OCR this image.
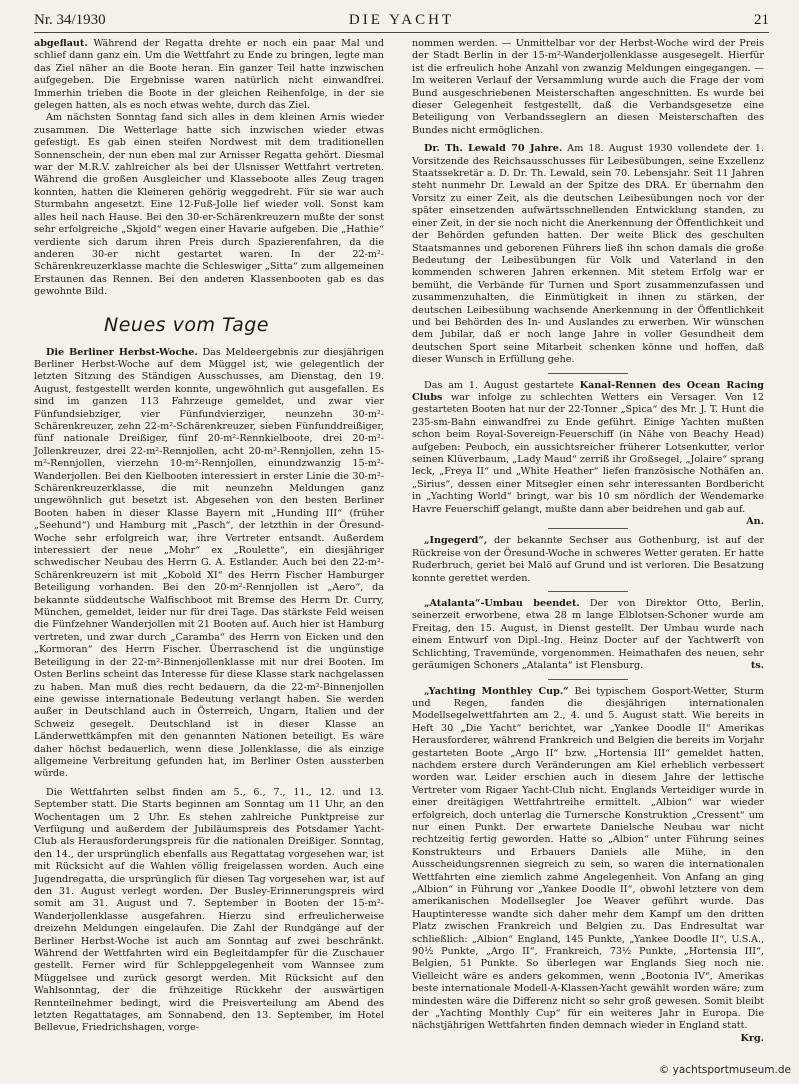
Nr. 34/1930	DIE YACHT	21

abgeflaut. Während der Regatta drehte er noch ein paar Mal und schlief dann ganz ein. Um die Wettfahrt zu Ende zu bringen, legte man das Ziel näher an die Boote heran. Ein ganzer Teil hatte inzwischen aufgegeben. Die Ergebnisse waren natürlich nicht einwandfrei. Immerhin trieben die Boote in der gleichen Reihenfolge, in der sie gelegen hatten, als es noch etwas wehte, durch das Ziel.

Am nächsten Sonntag fand sich alles in dem kleinen Arnis wieder zusammen. Die Wetterlage hatte sich inzwischen wieder etwas gefestigt. Es gab einen steifen Nordwest mit dem traditionellen Sonnenschein, der nun eben mal zur Arnisser Regatta gehört. Diesmal war der M.R.V. zahlreicher als bei der Ulsnisser Wettfahrt vertreten. Während die großen Ausgleicher und Klasseboote alles Zeug tragen konnten, hatten die Kleineren gehörig weggedreht. Für sie war auch Sturmbahn angesetzt. Eine 12-Fuß-Jolle lief wieder voll. Sonst kam alles heil nach Hause. Bei den 30-er-Schärenkreuzern mußte der sonst sehr erfolgreiche „Skjold“ wegen einer Havarie aufgeben. Die „Hathie“ verdiente sich darum ihren Preis durch Spazierenfahren, da die anderen 30-er nicht gestartet waren. In der 22-m²-Schärenkreuzerklasse machte die Schleswiger „Sitta“ zum allgemeinen Erstaunen das Rennen. Bei den anderen Klassenbooten gab es das gewohnte Bild.

Neues vom Tage

Die Berliner Herbst-Woche. Das Meldeergebnis zur diesjährigen Berliner Herbst-Woche auf dem Müggel ist, wie gelegentlich der letzten Sitzung des Ständigen Ausschusses, am Dienstag, den 19. August, festgestellt werden konnte, ungewöhnlich gut ausgefallen. Es sind im ganzen 113 Fahrzeuge gemeldet, und zwar vier Fünfundsiebziger, vier Fünfundvierziger, neunzehn 30-m²-Schärenkreuzer, zehn 22-m²-Schärenkreuzer, sieben Fünfunddreißiger, fünf nationale Dreißiger, fünf 20-m²-Rennkielboote, drei 20-m²-Jollenkreuzer, drei 22-m²-Rennjollen, acht 20-m²-Rennjollen, zehn 15-m²-Rennjollen, vierzehn 10-m²-Rennjollen, einundzwanzig 15-m²-Wanderjollen. Bei den Kielbooten interessiert in erster Linie die 30-m²-Schärenkreuzerklasse, die mit neunzehn Meldungen ganz ungewöhnlich gut besetzt ist. Abgesehen von den besten Berliner Booten haben in dieser Klasse Bayern mit „Hunding III“ (früher „Seehund“) und Hamburg mit „Pasch“, der letzthin in der Öresund-Woche sehr erfolgreich war, ihre Vertreter entsandt. Außerdem interessiert der neue „Mohr“ ex „Roulette“, ein diesjähriger schwedischer Neubau des Herrn G. A. Estlander. Auch bei den 22-m²-Schärenkreuzern ist mit „Kobold XI“ des Herrn Fischer Hamburger Beteiligung vorhanden. Bei den 20-m²-Rennjollen ist „Aero“, da bekannte süddeutsche Walfischboot mit Bremse des Herrn Dr. Curry, München, gemeldet, leider nur für drei Tage. Das stärkste Feld weisen die Fünfzehner Wanderjollen mit 21 Booten auf. Auch hier ist Hamburg vertreten, und zwar durch „Caramba“ des Herrn von Eicken und den „Kormoran“ des Herrn Fischer. Überraschend ist die ungünstige Beteiligung in der 22-m²-Binnenjollenklasse mit nur drei Booten. Im Osten Berlins scheint das Interesse für diese Klasse stark nachgelassen zu haben. Man muß dies recht bedauern, da die 22-m²-Binnenjollen eine gewisse internationale Bedeutung verlangt haben. Sie werden außer in Deutschland auch in Österreich, Ungarn, Italien und der Schweiz gesegelt. Deutschland ist in dieser Klasse an Länderwettkämpfen mit den genannten Nationen beteiligt. Es wäre daher höchst bedauerlich, wenn diese Jollenklasse, die als einzige allgemeine Verbreitung gefunden hat, im Berliner Osten aussterben würde.

Die Wettfahrten selbst finden am 5., 6., 7., 11., 12. und 13. September statt. Die Starts beginnen am Sonntag um 11 Uhr, an den Wochentagen um 2 Uhr. Es stehen zahlreiche Punktpreise zur Verfügung und außerdem der Jubiläumspreis des Potsdamer Yacht-Club als Herausforderungspreis für die nationalen Dreißiger. Sonntag, den 14., der ursprünglich ebenfalls aus Regattatag vorgesehen war, ist mit Rücksicht auf die Wahlen völlig freigelassen worden. Auch eine Jugendregatta, die ursprünglich für diesen Tag vorgesehen war, ist auf den 31. August verlegt worden. Der Busley-Erinnerungspreis wird somit am 31. August und 7. September in Booten der 15-m²-Wanderjollenklasse ausgefahren. Hierzu sind erfreulicherweise dreizehn Meldungen eingelaufen. Die Zahl der Rundgänge auf der Berliner Herbst-Woche ist auch am Sonntag auf zwei beschränkt. Während der Wettfahrten wird ein Begleitdampfer für die Zuschauer gestellt. Ferner wird für Schleppgelegenheit vom Wannsee zum Müggelsee und zurück gesorgt werden. Mit Rücksicht auf den Wahlsonntag, der die frühzeitige Rückkehr der auswärtigen Rennteilnehmer bedingt, wird die Preisverteilung am Abend des letzten Regattatages, am Sonnabend, den 13. September, im Hotel Bellevue, Friedrichshagen, vorge-

nommen werden. — Unmittelbar vor der Herbst-Woche wird der Preis der Stadt Berlin in der 15-m²-Wanderjollenklasse ausgesegelt. Hierfür ist die erfreulich hohe Anzahl von zwanzig Meldungen eingegangen. — Im weiteren Verlauf der Versammlung wurde auch die Frage der vom Bund ausgeschriebenen Meisterschaften angeschnitten. Es wurde bei dieser Gelegenheit festgestellt, daß die Verbandsgesetze eine Beteiligung von Verbandsseglern an diesen Meisterschaften des Bundes nicht ermöglichen.

Dr. Th. Lewald 70 Jahre. Am 18. August 1930 vollendete der 1. Vorsitzende des Reichsausschusses für Leibesübungen, seine Exzellenz Staatssekretär a. D. Dr. Th. Lewald, sein 70. Lebensjahr. Seit 11 Jahren steht nunmehr Dr. Lewald an der Spitze des DRA. Er übernahm den Vorsitz zu einer Zeit, als die deutschen Leibesübungen noch vor der später einsetzenden aufwärtsschnellenden Entwicklung standen, zu einer Zeit, in der sie noch nicht die Anerkennung der Öffentlichkeit und der Behörden gefunden hatten. Der weite Blick des geschulten Staatsmannes und geborenen Führers ließ ihn schon damals die große Bedeutung der Leibesübungen für Volk und Vaterland in den kommenden schweren Jahren erkennen. Mit stetem Erfolg war er bemüht, die Verbände für Turnen und Sport zusammenzufassen und zusammenzuhalten, die Einmütigkeit in ihnen zu stärken, der deutschen Leibesübung wachsende Anerkennung in der Öffentlichkeit und bei Behörden des In- und Auslandes zu erwerben. Wir wünschen dem Jubilar, daß er noch lange Jahre in voller Gesundheit dem deutschen Sport seine Mitarbeit schenken könne und hoffen, daß dieser Wunsch in Erfüllung gehe.

Das am 1. August gestartete Kanal-Rennen des Ocean Racing Clubs war infolge zu schlechten Wetters ein Versager. Von 12 gestarteten Booten hat nur der 22-Tonner „Spica“ des Mr. J. T. Hunt die 235-sm-Bahn einwandfrei zu Ende geführt. Einige Yachten mußten schon beim Royal-Sovereign-Feuerschiff (in Nähe von Beachy Head) aufgeben: Peuboch, ein aussichtsreicher früherer Lotsenkutter, verlor seinen Klüverbaum, „Lady Maud“ zerriß ihr Großsegel, „Jolaire“ sprang leck, „Freya II“ und „White Heather“ liefen französische Nothäfen an. „Sirius“, dessen einer Mitsegler einen sehr interessanten Bordbericht in „Yachting World“ bringt, war bis 10 sm nördlich der Wendemarke Havre Feuerschiff gelangt, mußte dann aber beidrehen und gab auf.
An.

„Ingegerd“, der bekannte Sechser aus Gothenburg, ist auf der Rückreise von der Öresund-Woche in schweres Wetter geraten. Er hatte Ruderbruch, geriet bei Malö auf Grund und ist verloren. Die Besatzung konnte gerettet werden.

„Atalanta“-Umbau beendet. Der von Direktor Otto, Berlin, seinerzeit erworbene, etwa 28 m lange Elblotsen-Schoner wurde am Freitag, den 15. August, in Dienst gestellt. Der Umbau wurde nach einem Entwurf von Dipl.-Ing. Heinz Docter auf der Yachtwerft von Schlichting, Travemünde, vorgenommen. Heimathafen des neuen, sehr geräumigen Schoners „Atalanta“ ist Flensburg.	ts.

„Yachting Monthley Cup.“ Bei typischem Gosport-Wetter, Sturm und Regen, fanden die diesjährigen internationalen Modellsegelwettfahrten am 2., 4. und 5. August statt. Wie bereits in Heft 30 „Die Yacht“ berichtet, war „Yankee Doodle II“ Amerikas Herausforderer, während Frankreich und Belgien die bereits im Vorjahr gestarteten Boote „Argo II“ bzw. „Hortensia III“ gemeldet hatten, nachdem erstere durch Veränderungen am Kiel erheblich verbessert worden war. Leider erschien auch in diesem Jahre der lettische Vertreter vom Rigaer Yacht-Club nicht. Englands Verteidiger wurde in einer dreitägigen Wettfahrtreihe ermittelt. „Albion“ war wieder erfolgreich, doch unterlag die Turnersche Konstruktion „Cressent“ um nur einen Punkt. Der erwartete Danielsche Neubau war nicht rechtzeitig fertig geworden. Hatte so „Albion“ unter Führung seines Konstrukteurs und Erbauers Daniels alle Mühe, in den Ausscheidungsrennen siegreich zu sein, so waren die internationalen Wettfahrten eine ziemlich zahme Angelegenheit. Von Anfang an ging „Albion“ in Führung vor „Yankee Doodle II“, obwohl letztere von dem amerikanischen Modellsegler Joe Weaver geführt wurde. Das Hauptinteresse wandte sich daher mehr dem Kampf um den dritten Platz zwischen Frankreich und Belgien zu. Das Endresultat war schließlich: „Albion“ England, 145 Punkte, „Yankee Doodle II“, U.S.A., 90½ Punkte, „Argo II“, Frankreich, 73½ Punkte, „Hortensia III“, Belgien, 51 Punkte. So überlegen war Englands Sieg noch nie. Vielleicht wäre es anders gekommen, wenn „Bootonia IV“, Amerikas beste internationale Modell-A-Klassen-Yacht gewählt worden wäre; zum mindesten wäre die Differenz nicht so sehr groß gewesen. Somit bleibt der „Yachting Monthly Cup“ für ein weiteres Jahr in Europa. Die nächstjährigen Wettfahrten finden demnach wieder in England statt.
Krg.

© yachtsportmuseum.de
